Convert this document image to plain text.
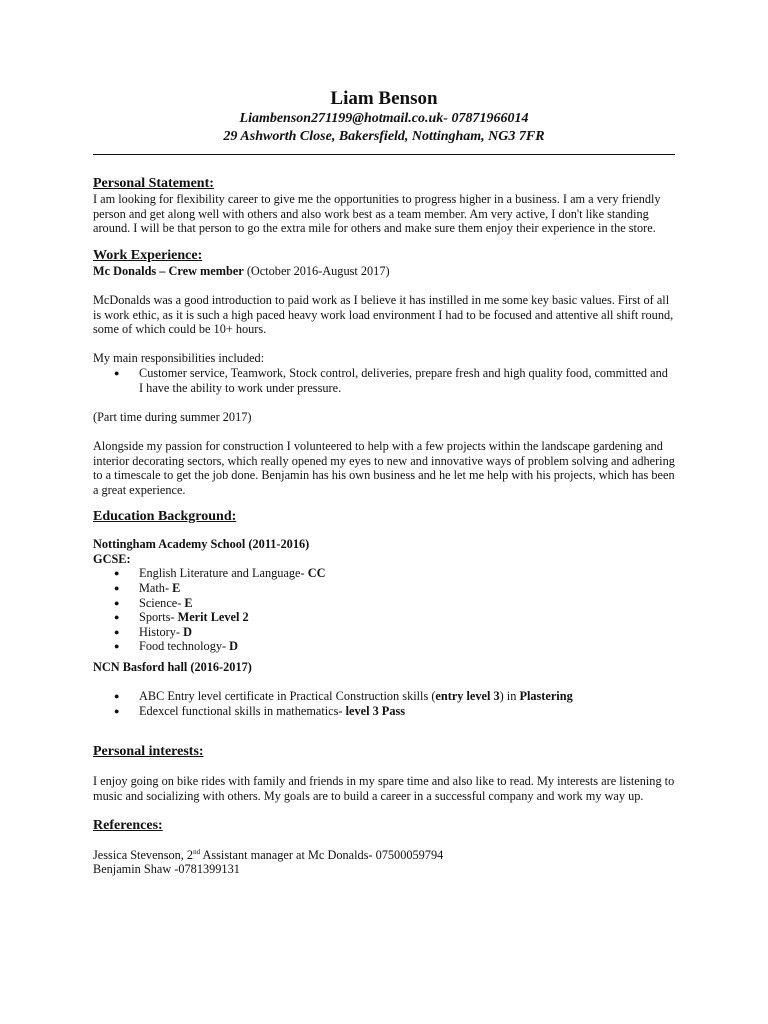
Liam Benson

Liambenson271199@hotmail.co.uk- 07871966014

29 Ashworth Close, Bakersfield, Nottingham, NG3 7FR

Personal Statement:

I am looking for flexibility career to give me the opportunities to progress higher in a business. I am a very friendly person and get along well with others and also work best as a team member. Am very active, I don't like standing around. I will be that person to go the extra mile for others and make sure them enjoy their experience in the store.

Work Experience:

Mc Donalds – Crew member (October 2016-August 2017)

McDonalds was a good introduction to paid work as I believe it has instilled in me some key basic values. First of all is work ethic, as it is such a high paced heavy work load environment I had to be focused and attentive all shift round, some of which could be 10+ hours.

My main responsibilities included:

● Customer service, Teamwork, Stock control, deliveries, prepare fresh and high quality food, committed and I have the ability to work under pressure.

(Part time during summer 2017)

Alongside my passion for construction I volunteered to help with a few projects within the landscape gardening and interior decorating sectors, which really opened my eyes to new and innovative ways of problem solving and adhering to a timescale to get the job done. Benjamin has his own business and he let me help with his projects, which has been a great experience.

Education Background:

Nottingham Academy School (2011-2016)

GCSE:

● English Literature and Language- CC
● Math- E
● Science- E
● Sports- Merit Level 2
● History- D
● Food technology- D

NCN Basford hall (2016-2017)

● ABC Entry level certificate in Practical Construction skills (entry level 3) in Plastering
● Edexcel functional skills in mathematics- level 3 Pass
Personal interests:

I enjoy going on bike rides with family and friends in my spare time and also like to read. My interests are listening to music and socializing with others. My goals are to build a career in a successful company and work my way up.

References:

Jessica Stevenson, 2nd Assistant manager at Mc Donalds- 07500059794

Benjamin Shaw -0781399131
